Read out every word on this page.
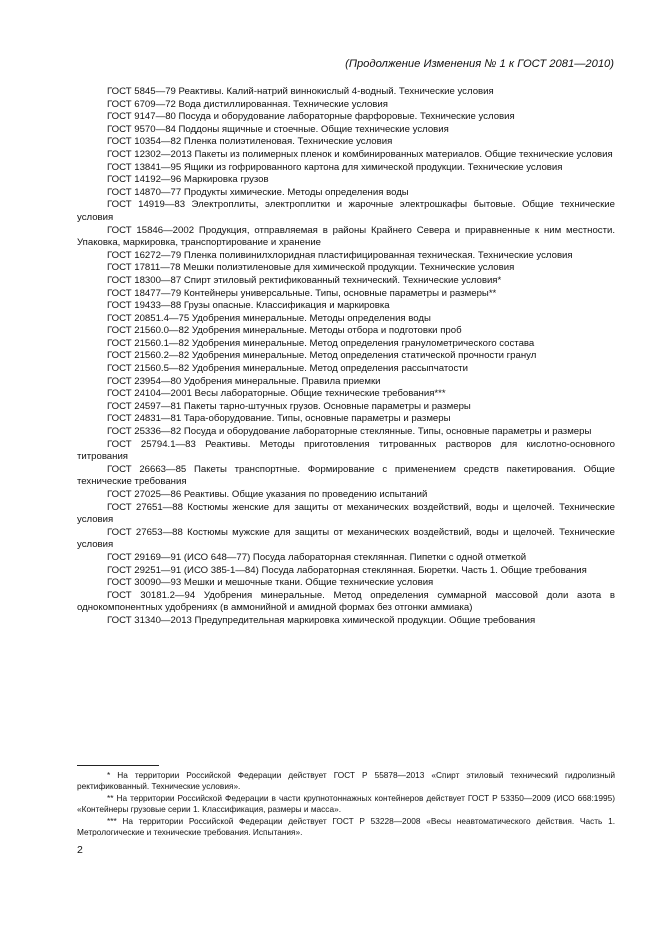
(Продолжение Изменения № 1 к ГОСТ 2081—2010)

ГОСТ 5845—79 Реактивы. Калий-натрий виннокислый 4-водный. Технические условия

ГОСТ 6709—72 Вода дистиллированная. Технические условия

ГОСТ 9147—80 Посуда и оборудование лабораторные фарфоровые. Технические условия

ГОСТ 9570—84 Поддоны ящичные и стоечные. Общие технические условия

ГОСТ 10354—82 Пленка полиэтиленовая. Технические условия

ГОСТ 12302—2013 Пакеты из полимерных пленок и комбинированных материалов. Общие технические условия

ГОСТ 13841—95 Ящики из гофрированного картона для химической продукции. Технические условия

ГОСТ 14192—96 Маркировка грузов

ГОСТ 14870—77 Продукты химические. Методы определения воды

ГОСТ 14919—83 Электроплиты, электроплитки и жарочные электрошкафы бытовые. Общие технические условия

ГОСТ 15846—2002 Продукция, отправляемая в районы Крайнего Севера и приравненные к ним местности. Упаковка, маркировка, транспортирование и хранение

ГОСТ 16272—79 Пленка поливинилхлоридная пластифицированная техническая. Технические условия

ГОСТ 17811—78 Мешки полиэтиленовые для химической продукции. Технические условия

ГОСТ 18300—87 Спирт этиловый ректификованный технический. Технические условия*

ГОСТ 18477—79 Контейнеры универсальные. Типы, основные параметры и размеры**

ГОСТ 19433—88 Грузы опасные. Классификация и маркировка

ГОСТ 20851.4—75 Удобрения минеральные. Методы определения воды

ГОСТ 21560.0—82 Удобрения минеральные. Методы отбора и подготовки проб

ГОСТ 21560.1—82 Удобрения минеральные. Метод определения гранулометрического состава

ГОСТ 21560.2—82 Удобрения минеральные. Метод определения статической прочности гранул

ГОСТ 21560.5—82 Удобрения минеральные. Метод определения рассыпчатости

ГОСТ 23954—80 Удобрения минеральные. Правила приемки

ГОСТ 24104—2001 Весы лабораторные. Общие технические требования***

ГОСТ 24597—81 Пакеты тарно-штучных грузов. Основные параметры и размеры

ГОСТ 24831—81 Тара-оборудование. Типы, основные параметры и размеры

ГОСТ 25336—82 Посуда и оборудование лабораторные стеклянные. Типы, основные параметры и размеры

ГОСТ 25794.1—83 Реактивы. Методы приготовления титрованных растворов для кислотно-основного титрования

ГОСТ 26663—85 Пакеты транспортные. Формирование с применением средств пакетирования. Общие технические требования

ГОСТ 27025—86 Реактивы. Общие указания по проведению испытаний

ГОСТ 27651—88 Костюмы женские для защиты от механических воздействий, воды и щелочей. Технические условия

ГОСТ 27653—88 Костюмы мужские для защиты от механических воздействий, воды и щелочей. Технические условия

ГОСТ 29169—91 (ИСО 648—77) Посуда лабораторная стеклянная. Пипетки с одной отметкой

ГОСТ 29251—91 (ИСО 385-1—84) Посуда лабораторная стеклянная. Бюретки. Часть 1. Общие требования

ГОСТ 30090—93 Мешки и мешочные ткани. Общие технические условия

ГОСТ 30181.2—94 Удобрения минеральные. Метод определения суммарной массовой доли азота в однокомпонентных удобрениях (в аммонийной и амидной формах без отгонки аммиака)

ГОСТ 31340—2013 Предупредительная маркировка химической продукции. Общие требования

* На территории Российской Федерации действует ГОСТ Р 55878—2013 «Спирт этиловый технический гидролизный ректификованный. Технические условия».

** На территории Российской Федерации в части крупнотоннажных контейнеров действует ГОСТ Р 53350—2009 (ИСО 668:1995) «Контейнеры грузовые серии 1. Классификация, размеры и масса».

*** На территории Российской Федерации действует ГОСТ Р 53228—2008 «Весы неавтоматического действия. Часть 1. Метрологические и технические требования. Испытания».

2
